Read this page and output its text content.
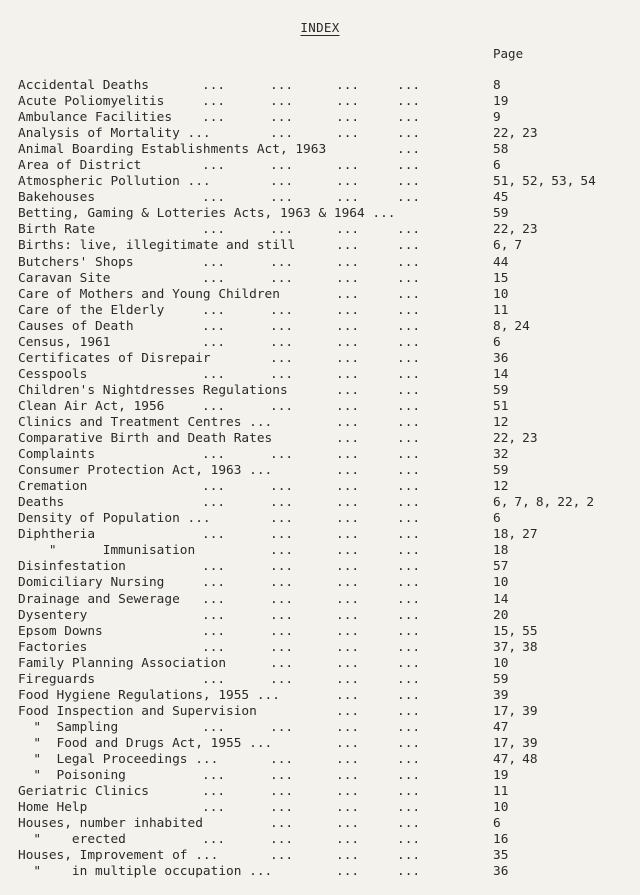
INDEX
Page
Accidental Deaths	...	...	...	...	8
Acute Poliomyelitis	...	...	...	...	19
Ambulance Facilities ...	...	...	...	9
Analysis of Mortality ...	...	...	...	22, 23
Animal Boarding Establishments Act, 1963	...	58
Area of District	...	...	...	...	6
Atmospheric Pollution ...	...	...	...	51, 52, 53, 54
Bakehouses	...	...	...	...	45
Betting, Gaming & Lotteries Acts, 1963 & 1964 ...	59
Birth Rate	...	...	...	...	22, 23
Births: live, illegitimate and still	...	...	6, 7
Butchers' Shops	...	...	...	...	44
Caravan Site	...	...	...	...	15
Care of Mothers and Young Children	...	...	10
Care of the Elderly	...	...	...	...	11
Causes of Death	...	...	...	...	8, 24
Census, 1961	...	...	...	...	6
Certificates of Disrepair	...	...	...	36
Cesspools	...	...	...	...	14
Children's Nightdresses Regulations	...	...	59
Clean Air Act, 1956	...	...	...	...	51
Clinics and Treatment Centres ...	...	...	12
Comparative Birth and Death Rates	...	...	22, 23
Complaints	...	...	...	...	32
Consumer Protection Act, 1963 ...	...	...	59
Cremation	...	...	...	...	12
Deaths	...	...	...	...	6, 7, 8, 22, 2
Density of Population ...	...	...	...	6
Diphtheria	...	...	...	...	18, 27
"      Immunisation	...	...	...	18
Disinfestation	...	...	...	...	57
Domiciliary Nursing	...	...	...	...	10
Drainage and Sewerage ...	...	...	...	14
Dysentery	...	...	...	...	20
Epsom Downs	...	...	...	...	15, 55
Factories	...	...	...	...	37, 38
Family Planning Association	...	...	...	10
Fireguards	...	...	...	...	59
Food Hygiene Regulations, 1955 ...	...	...	39
Food Inspection and Supervision	...	...	17, 39
"  Sampling	...	...	...	...	47
"  Food and Drugs Act, 1955 ...	...	...	17, 39
"  Legal Proceedings ...	...	...	...	47, 48
"  Poisoning	...	...	...	...	19
Geriatric Clinics	...	...	...	...	11
Home Help	...	...	...	...	10
Houses, number inhabited	...	...	...	6
"    erected	...	...	...	...	16
Houses, Improvement of ...	...	...	...	35
"    in multiple occupation ...	...	...	36
